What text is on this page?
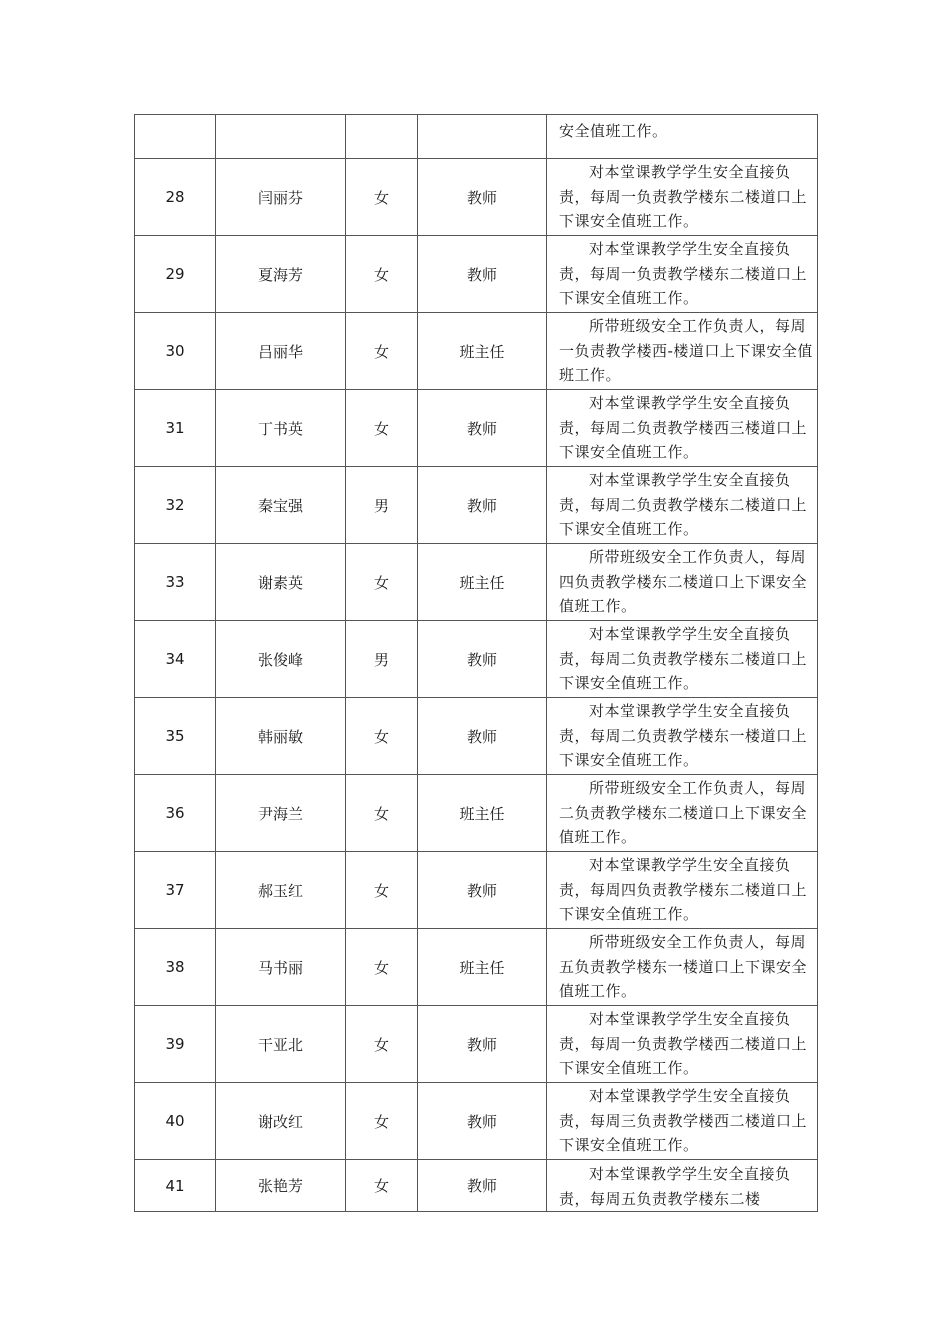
				安全值班工作。
28	闫丽芬	女	教师	对本堂课教学学生安全直接负责，每周一负责教学楼东二楼道口上下课安全值班工作。
29	夏海芳	女	教师	对本堂课教学学生安全直接负责，每周一负责教学楼东二楼道口上下课安全值班工作。
30	吕丽华	女	班主任	所带班级安全工作负责人，每周一负责教学楼西-楼道口上下课安全值班工作。
31	丁书英	女	教师	对本堂课教学学生安全直接负责，每周二负责教学楼西三楼道口上下课安全值班工作。
32	秦宝强	男	教师	对本堂课教学学生安全直接负责，每周二负责教学楼东二楼道口上下课安全值班工作。
33	谢素英	女	班主任	所带班级安全工作负责人，每周四负责教学楼东二楼道口上下课安全值班工作。
34	张俊峰	男	教师	对本堂课教学学生安全直接负责，每周二负责教学楼东二楼道口上下课安全值班工作。
35	韩丽敏	女	教师	对本堂课教学学生安全直接负责，每周二负责教学楼东一楼道口上下课安全值班工作。
36	尹海兰	女	班主任	所带班级安全工作负责人，每周二负责教学楼东二楼道口上下课安全值班工作。
37	郝玉红	女	教师	对本堂课教学学生安全直接负责，每周四负责教学楼东二楼道口上下课安全值班工作。
38	马书丽	女	班主任	所带班级安全工作负责人，每周五负责教学楼东一楼道口上下课安全值班工作。
39	干亚北	女	教师	对本堂课教学学生安全直接负责，每周一负责教学楼西二楼道口上下课安全值班工作。
40	谢改红	女	教师	对本堂课教学学生安全直接负责，每周三负责教学楼西二楼道口上下课安全值班工作。
41	张艳芳	女	教师	对本堂课教学学生安全直接负责，每周五负责教学楼东二楼
